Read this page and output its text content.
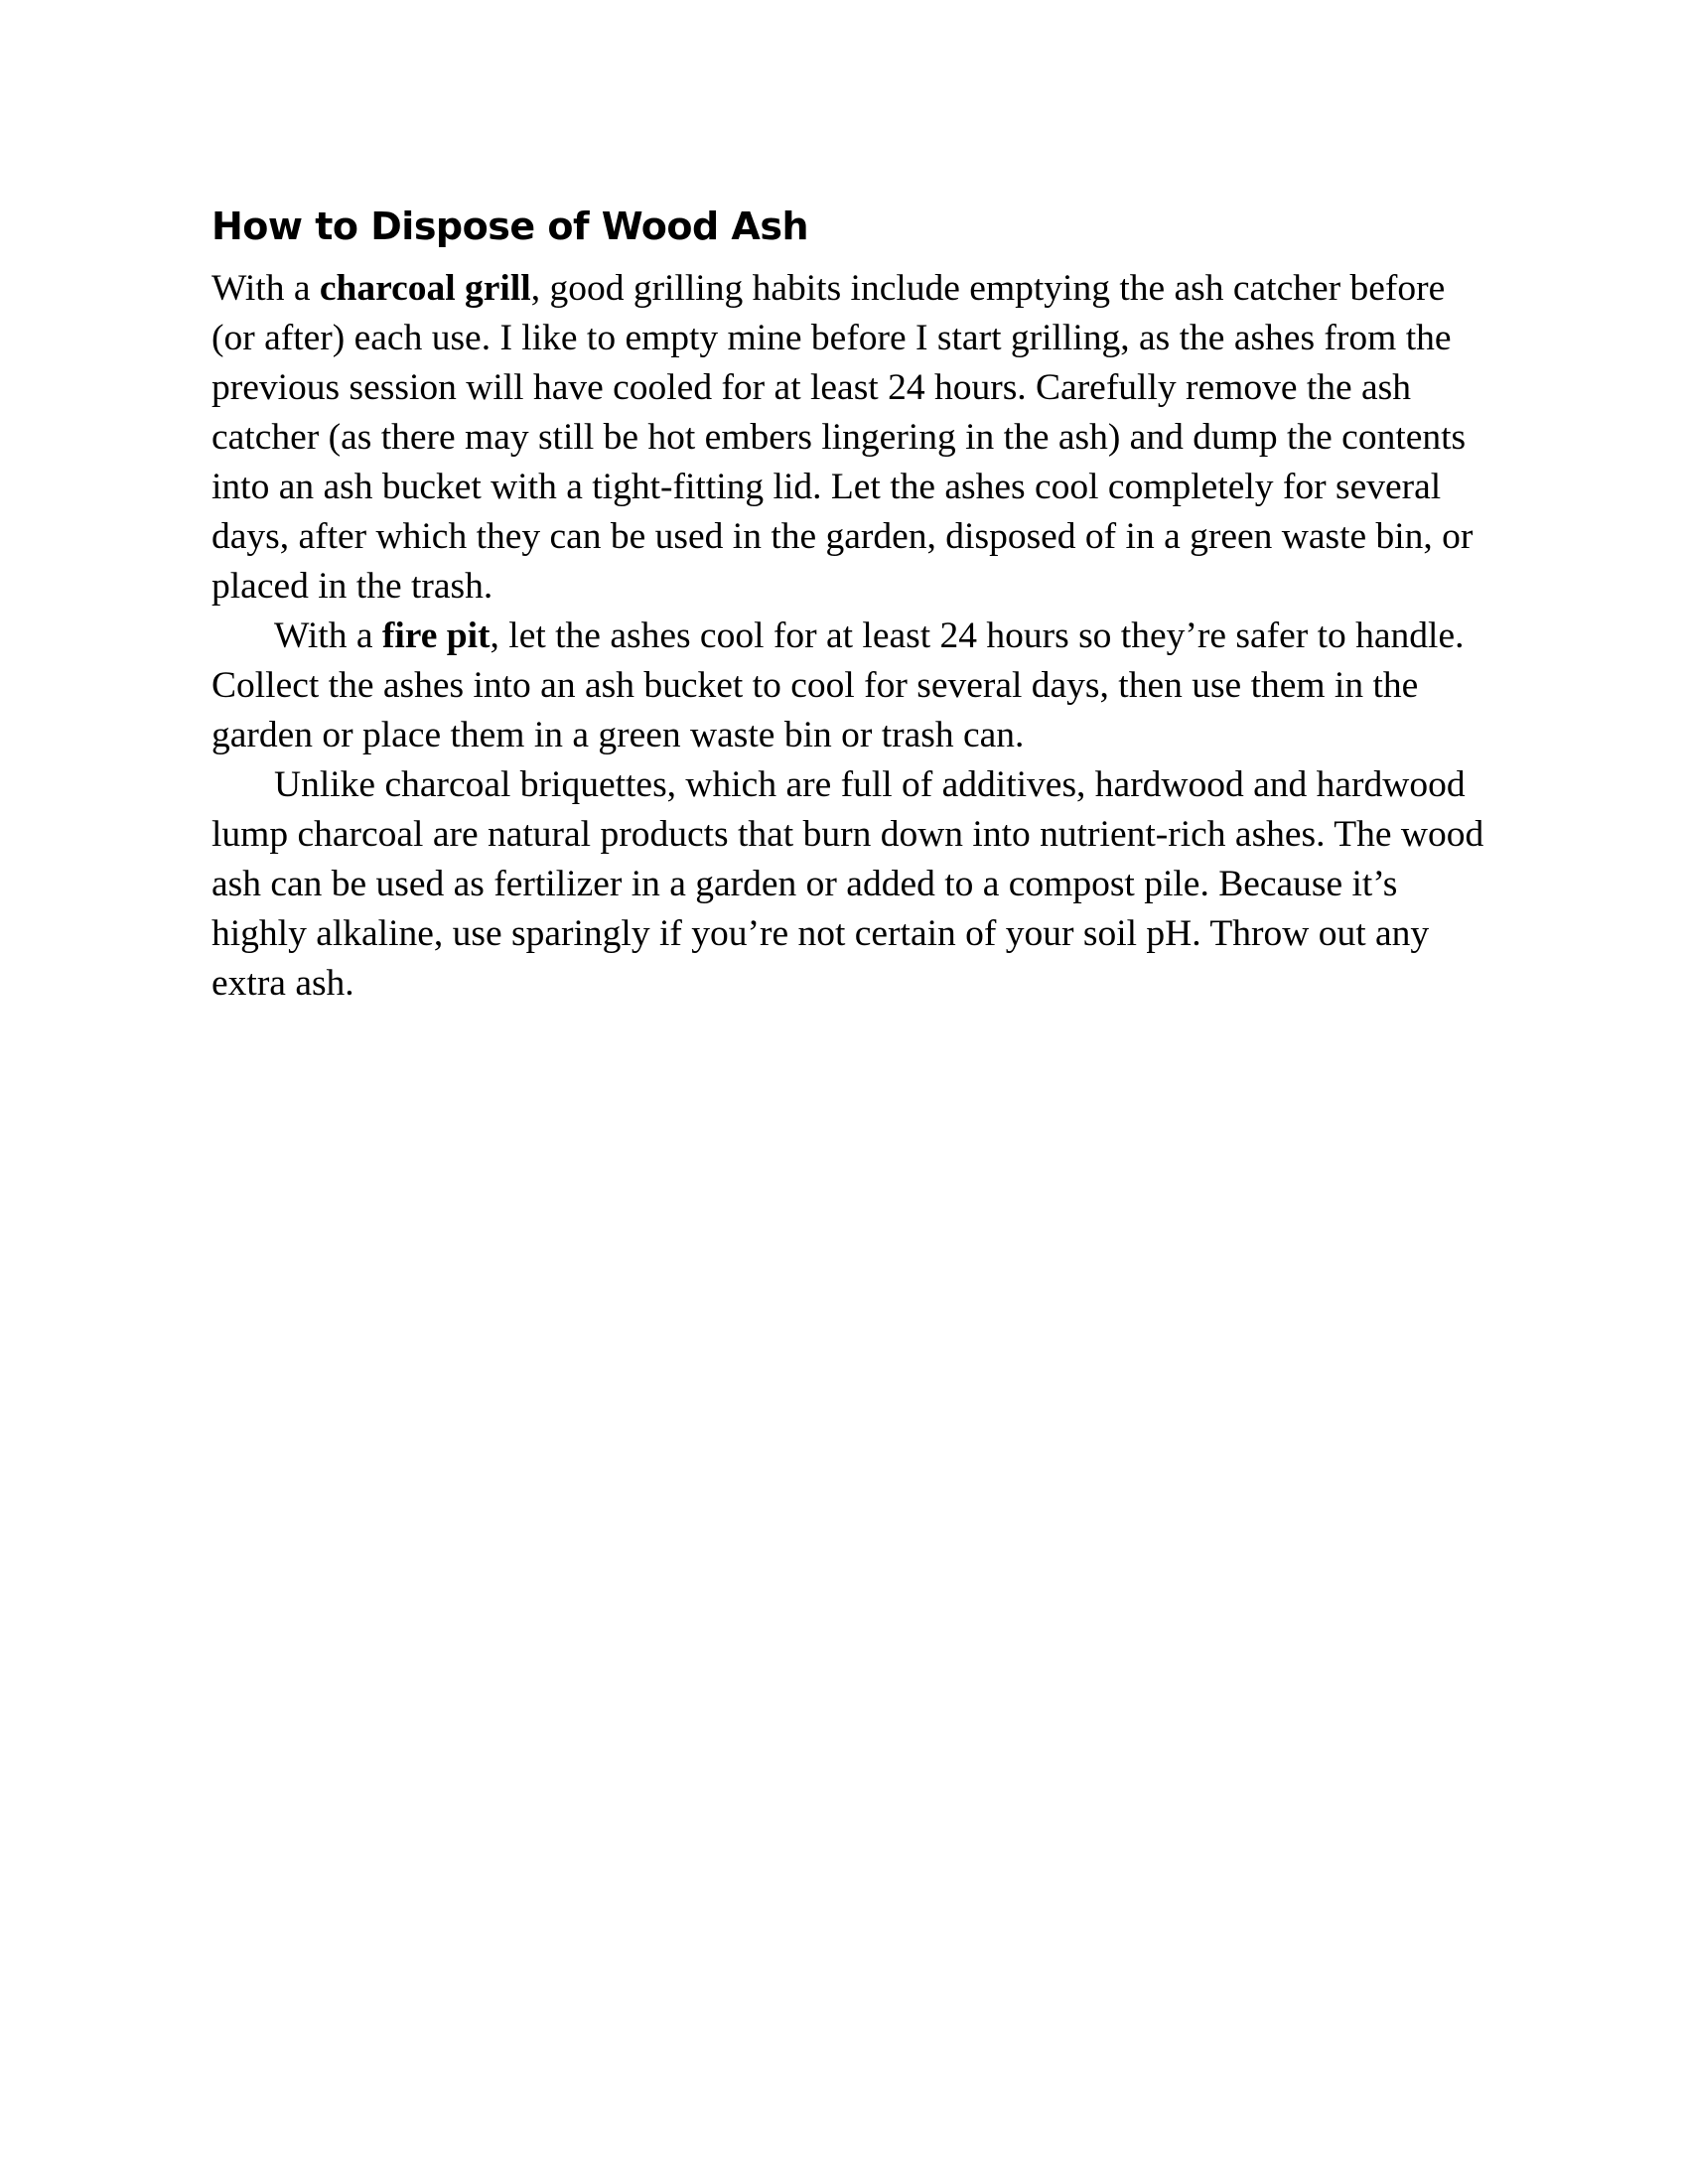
How to Dispose of Wood Ash

With a charcoal grill, good grilling habits include emptying the ash catcher before (or after) each use. I like to empty mine before I start grilling, as the ashes from the previous session will have cooled for at least 24 hours. Carefully remove the ash catcher (as there may still be hot embers lingering in the ash) and dump the contents into an ash bucket with a tight-fitting lid. Let the ashes cool completely for several days, after which they can be used in the garden, disposed of in a green waste bin, or placed in the trash.

With a fire pit, let the ashes cool for at least 24 hours so they’re safer to handle. Collect the ashes into an ash bucket to cool for several days, then use them in the garden or place them in a green waste bin or trash can.

Unlike charcoal briquettes, which are full of additives, hardwood and hardwood lump charcoal are natural products that burn down into nutrient-rich ashes. The wood ash can be used as fertilizer in a garden or added to a compost pile. Because it’s highly alkaline, use sparingly if you’re not certain of your soil pH. Throw out any extra ash.
